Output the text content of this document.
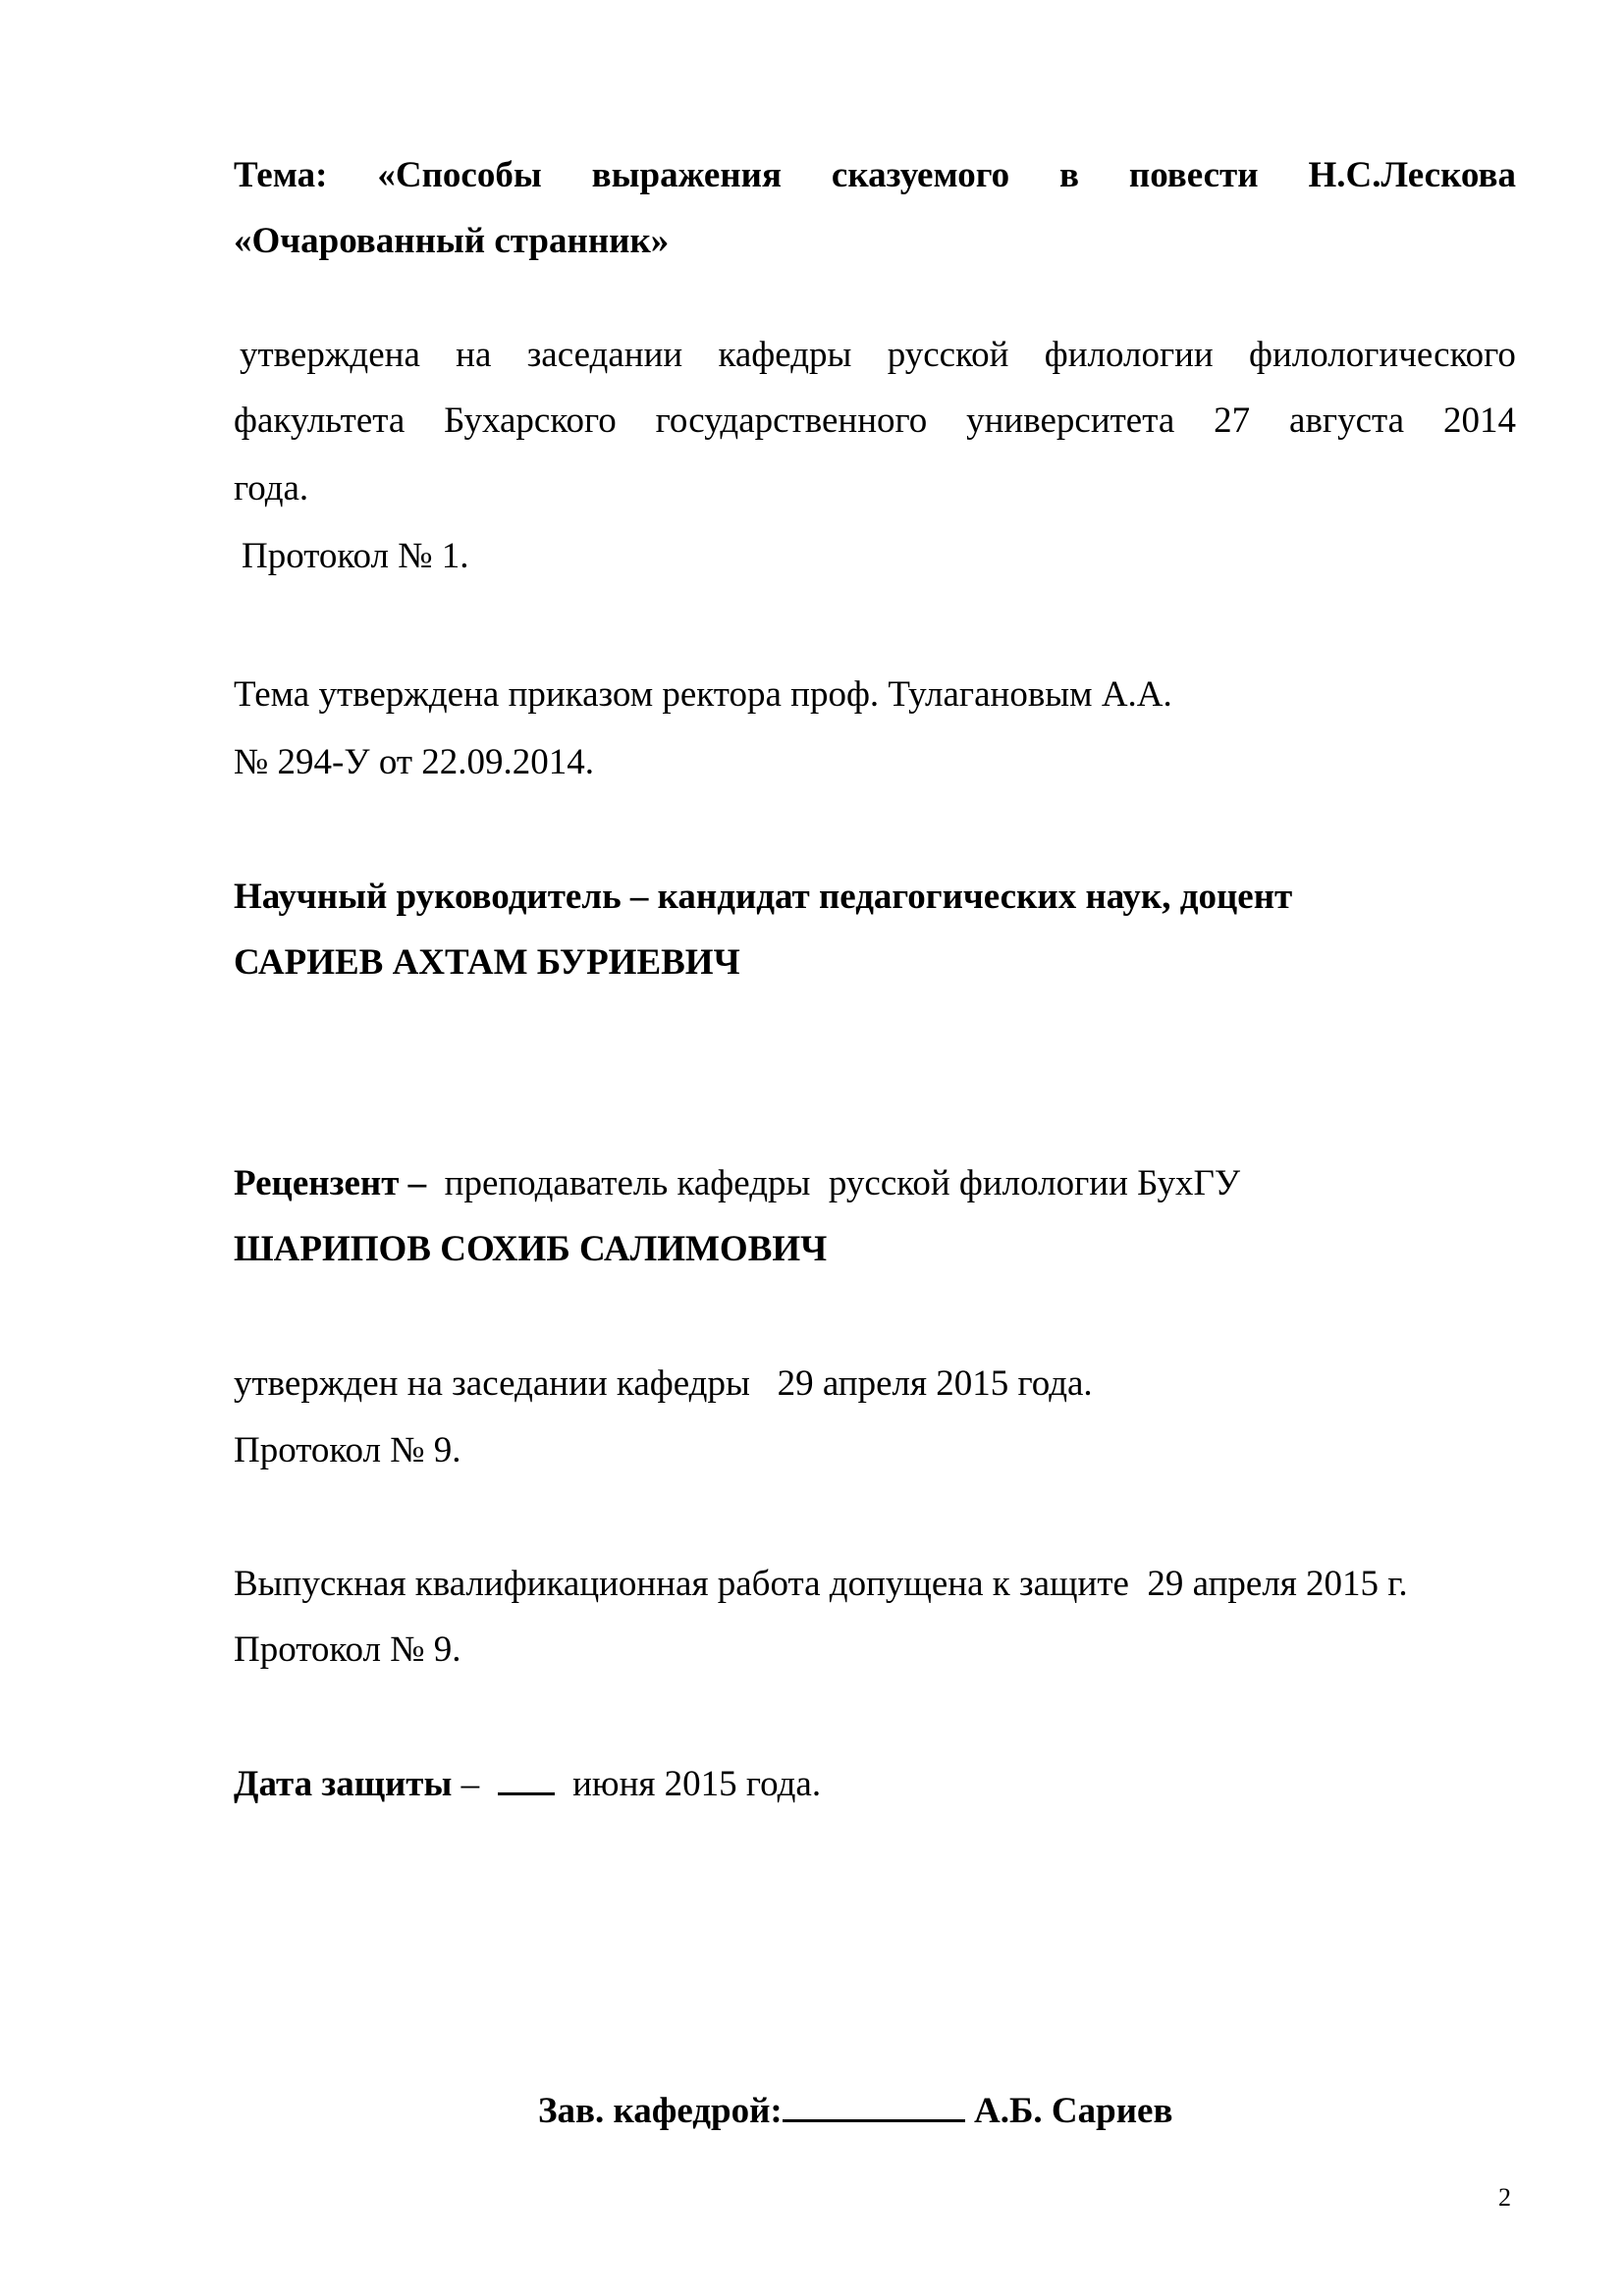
Тема: «Способы выражения сказуемого в повести Н.С.Лескова
«Очарованный странник»
утверждена на заседании кафедры русской филологии филологического
факультета Бухарского государственного университета 27 августа 2014
года.
Протокол № 1.
Тема утверждена приказом ректора проф. Тулагановым А.А.
№ 294-У от 22.09.2014.
Научный руководитель – кандидат педагогических наук, доцент
САРИЕВ АХТАМ БУРИЕВИЧ
Рецензент –  преподаватель кафедры  русской филологии БухГУ
ШАРИПОВ СОХИБ САЛИМОВИЧ
утвержден на заседании кафедры   29 апреля 2015 года.
Протокол № 9.
Выпускная квалификационная работа допущена к защите  29 апреля 2015 г.
Протокол № 9.
Дата защиты –    июня 2015 года.
Зав. кафедрой:	А.Б. Сариев
2
